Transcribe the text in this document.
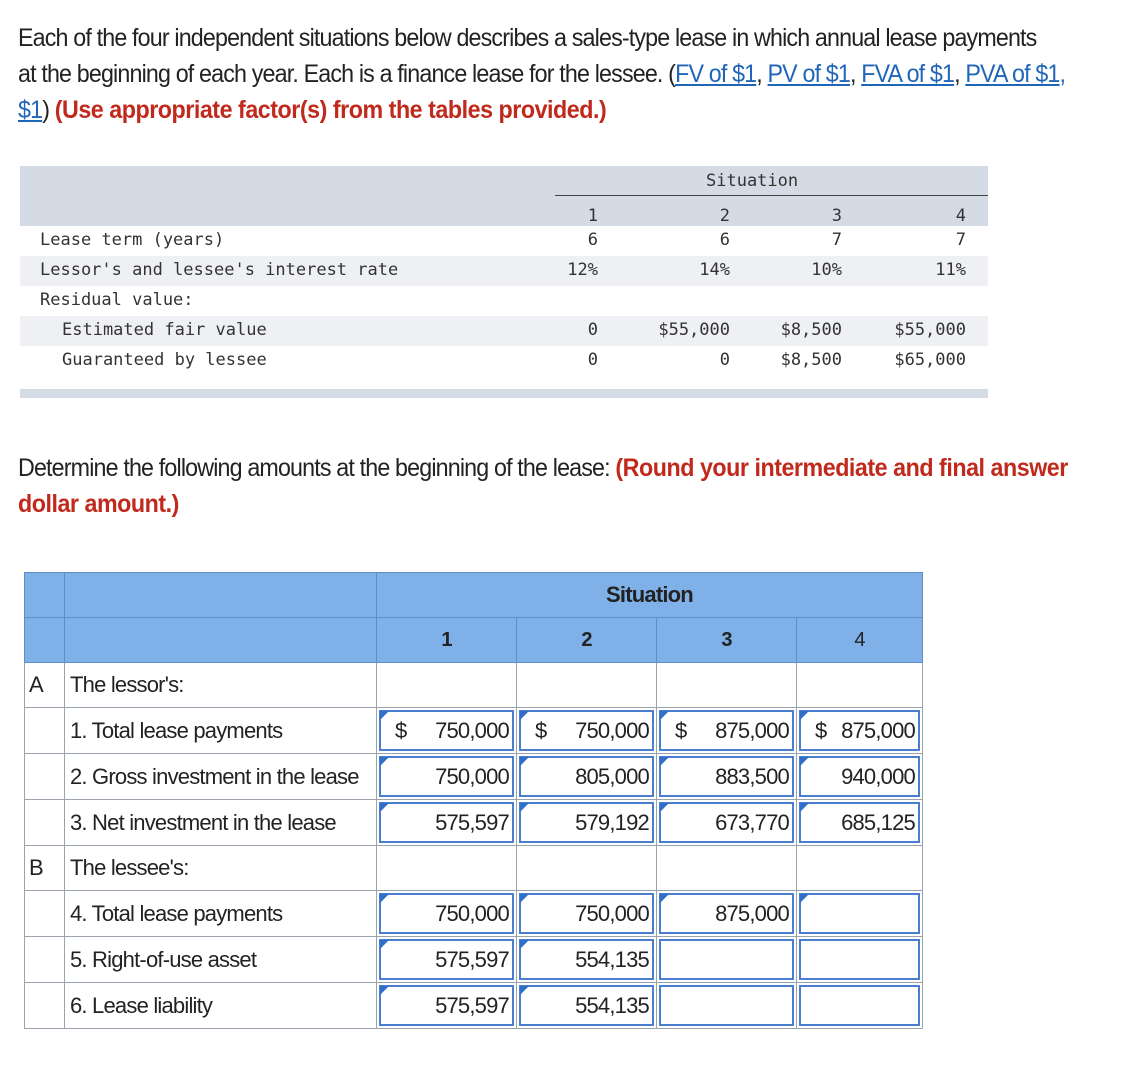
Each of the four independent situations below describes a sales-type lease in which annual lease payments
at the beginning of each year. Each is a finance lease for the lessee. (FV of $1, PV of $1, FVA of $1, PVA of $1,
$1) (Use appropriate factor(s) from the tables provided.)
Situation
1	2	3	4
Lease term (years)	6	6	7	7
Lessor's and lessee's interest rate	12%	14%	10%	11%
Residual value:
Estimated fair value	0	$55,000	$8,500	$55,000
Guaranteed by lessee	0	0	$8,500	$65,000
Determine the following amounts at the beginning of the lease: (Round your intermediate and final answer
dollar amount.)
		Situation			
		1	2	3	4
A	The lessor's:				
	1. Total lease payments	$ 750,000	$ 750,000	$ 875,000	$ 875,000

	2. Gross investment in the lease	750,000	805,000	883,500	940,000

	3. Net investment in the lease	575,597	579,192	673,770	685,125

B	The lessee's:				
	4. Total lease payments	750,000	750,000	875,000	

	5. Right-of-use asset	575,597	554,135		

	6. Lease liability	575,597	554,135		
